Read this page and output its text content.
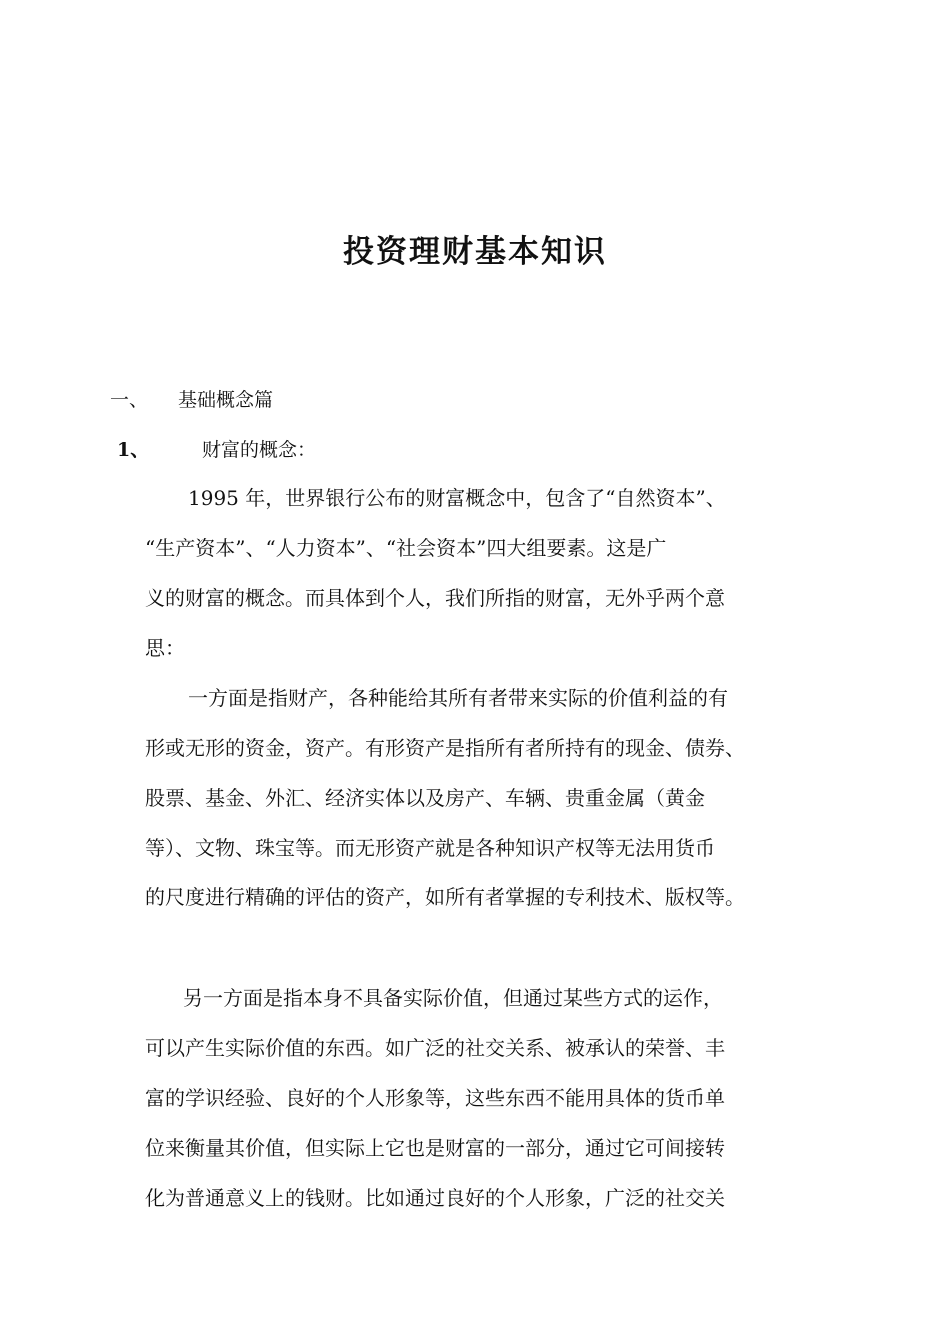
投资理财基本知识
一、 基础概念篇
1、	财富的概念：
1995 年，世界银行公布的财富概念中，包含了“自然资本”、
“生产资本”、“人力资本”、“社会资本”四大组要素。这是广
义的财富的概念。而具体到个人，我们所指的财富，无外乎两个意
思：
一方面是指财产，各种能给其所有者带来实际的价值利益的有
形或无形的资金，资产。有形资产是指所有者所持有的现金、债券、
股票、基金、外汇、经济实体以及房产、车辆、贵重金属（黄金
等）、文物、珠宝等。而无形资产就是各种知识产权等无法用货币
的尺度进行精确的评估的资产，如所有者掌握的专利技术、版权等。
另一方面是指本身不具备实际价值，但通过某些方式的运作，
可以产生实际价值的东西。如广泛的社交关系、被承认的荣誉、丰
富的学识经验、良好的个人形象等，这些东西不能用具体的货币单
位来衡量其价值，但实际上它也是财富的一部分，通过它可间接转
化为普通意义上的钱财。比如通过良好的个人形象，广泛的社交关
